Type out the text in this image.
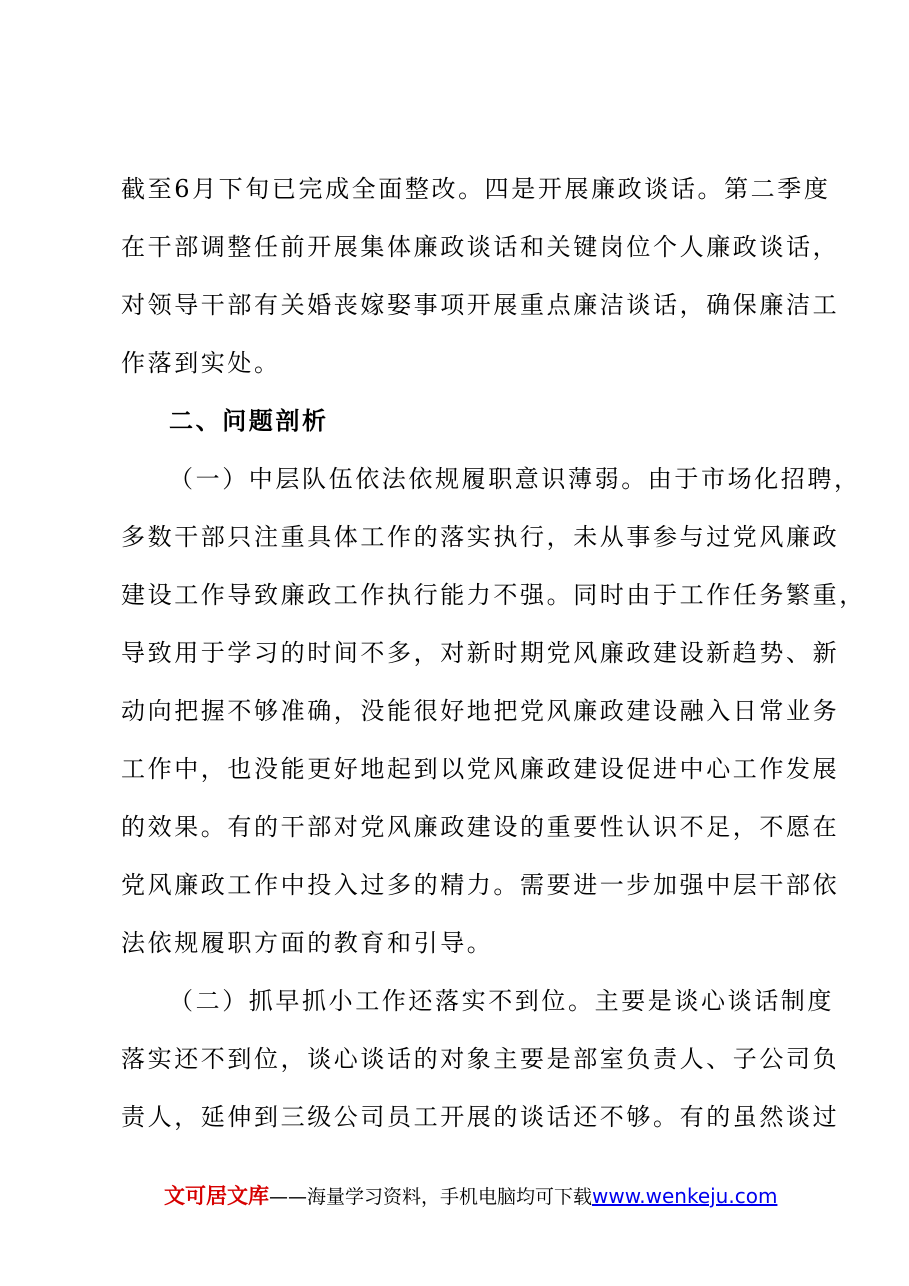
截至6月下旬已完成全面整改。四是开展廉政谈话。第二季度
在干部调整任前开展集体廉政谈话和关键岗位个人廉政谈话，
对领导干部有关婚丧嫁娶事项开展重点廉洁谈话，确保廉洁工
作落到实处。
二、问题剖析
（一）中层队伍依法依规履职意识薄弱。由于市场化招聘，
多数干部只注重具体工作的落实执行，未从事参与过党风廉政
建设工作导致廉政工作执行能力不强。同时由于工作任务繁重，
导致用于学习的时间不多，对新时期党风廉政建设新趋势、新
动向把握不够准确，没能很好地把党风廉政建设融入日常业务
工作中，也没能更好地起到以党风廉政建设促进中心工作发展
的效果。有的干部对党风廉政建设的重要性认识不足，不愿在
党风廉政工作中投入过多的精力。需要进一步加强中层干部依
法依规履职方面的教育和引导。
（二）抓早抓小工作还落实不到位。主要是谈心谈话制度
落实还不到位，谈心谈话的对象主要是部室负责人、子公司负
责人，延伸到三级公司员工开展的谈话还不够。有的虽然谈过
文可居文库——海量学习资料，手机电脑均可下载www.wenkeju.com
